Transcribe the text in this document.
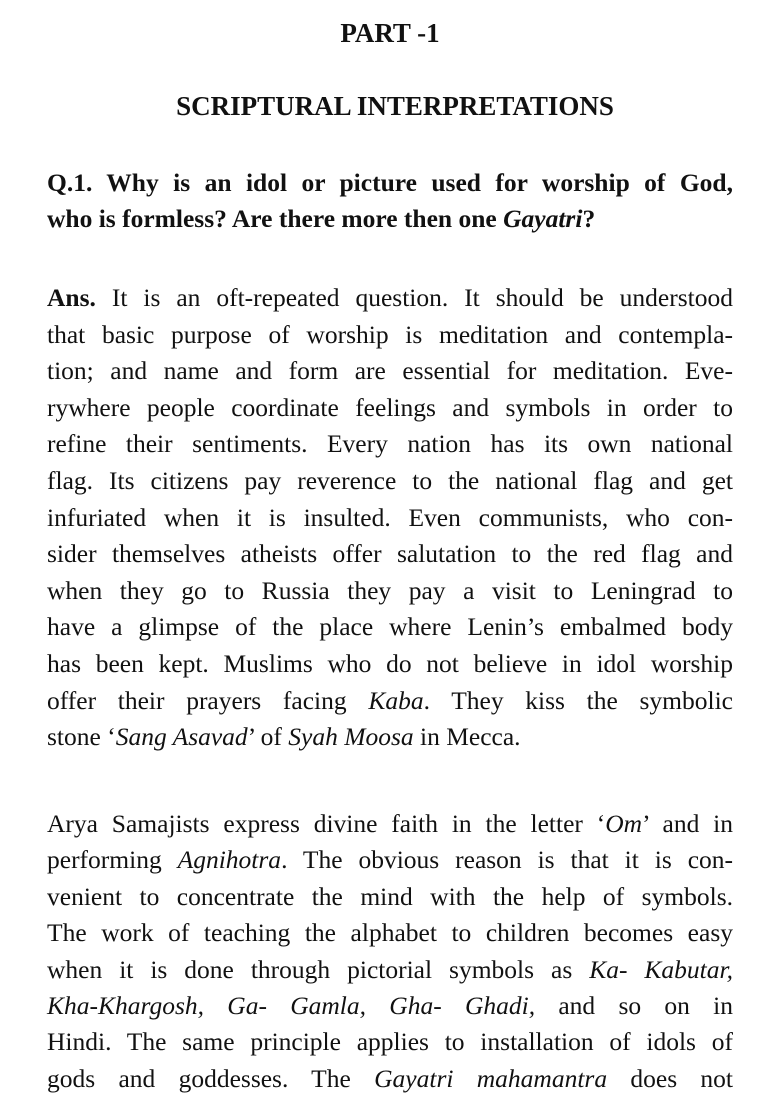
PART -1
SCRIPTURAL INTERPRETATIONS
Q.1. Why is an idol or picture used for worship of God,
who is formless? Are there more then one Gayatri?
Ans. It is an oft-repeated question. It should be understood
that basic purpose of worship is meditation and contempla-
tion; and name and form are essential for meditation. Eve-
rywhere people coordinate feelings and symbols in order to
refine their sentiments. Every nation has its own national
flag. Its citizens pay reverence to the national flag and get
infuriated when it is insulted. Even communists, who con-
sider themselves atheists offer salutation to the red flag and
when they go to Russia they pay a visit to Leningrad to
have a glimpse of the place where Lenin’s embalmed body
has been kept. Muslims who do not believe in idol worship
offer their prayers facing Kaba. They kiss the symbolic
stone ‘Sang Asavad’ of Syah Moosa in Mecca.
Arya Samajists express divine faith in the letter ‘Om’ and in
performing Agnihotra. The obvious reason is that it is con-
venient to concentrate the mind with the help of symbols.
The work of teaching the alphabet to children becomes easy
when it is done through pictorial symbols as Ka- Kabutar,
Kha-Khargosh, Ga- Gamla, Gha- Ghadi, and so on in
Hindi. The same principle applies to installation of idols of
gods and goddesses. The Gayatri mahamantra does not
